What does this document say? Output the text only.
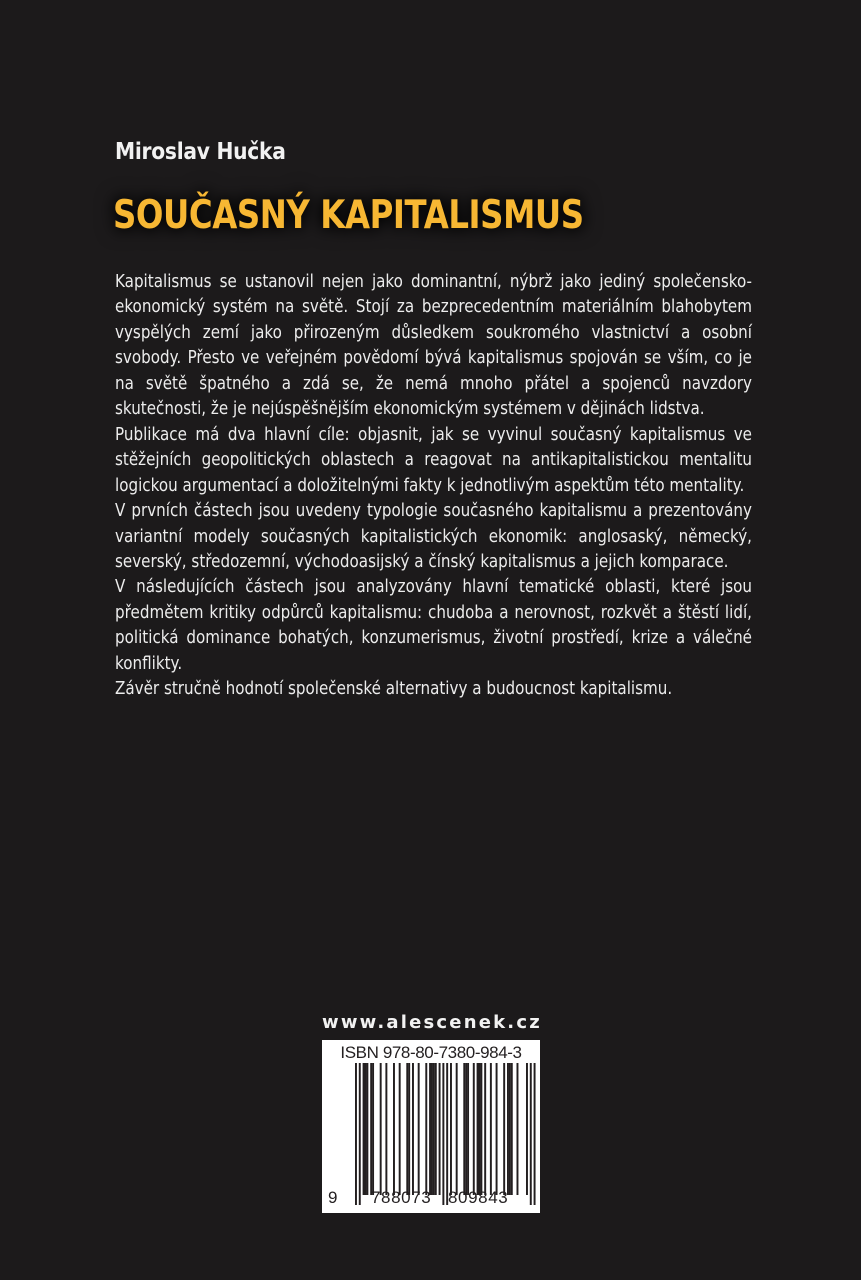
Miroslav Hučka
SOUČASNÝ KAPITALISMUS

Kapitalismus se ustanovil nejen jako dominantní, nýbrž jako jediný společensko-ekonomický systém na světě. Stojí za bezprecedentním materiálním blahobytem vyspělých zemí jako přirozeným důsledkem soukromého vlastnictví a osobní svobody. Přesto ve veřejném povědomí bývá kapitalismus spojován se vším, co je na světě špatného a zdá se, že nemá mnoho přátel a spojenců navzdory skutečnosti, že je nejúspěšnějším ekonomickým systémem v dějinách lidstva.

Publikace má dva hlavní cíle: objasnit, jak se vyvinul současný kapitalismus ve stěžejních geopolitických oblastech a reagovat na antikapitalistickou mentalitu logickou argumentací a doložitelnými fakty k jednotlivým aspektům této mentality.

V prvních částech jsou uvedeny typologie současného kapitalismu a prezentovány variantní modely současných kapitalistických ekonomik: anglosaský, německý, severský, středozemní, východoasijský a čínský kapitalismus a jejich komparace.

V následujících částech jsou analyzovány hlavní tematické oblasti, které jsou předmětem kritiky odpůrců kapitalismu: chudoba a nerovnost, rozkvět a štěstí lidí, politická dominance bohatých, konzumerismus, životní prostředí, krize a válečné konflikty.

Závěr stručně hodnotí společenské alternativy a budoucnost kapitalismu.

www.alescenek.cz
ISBN 978-80-7380-984-3
9 788073 809843
